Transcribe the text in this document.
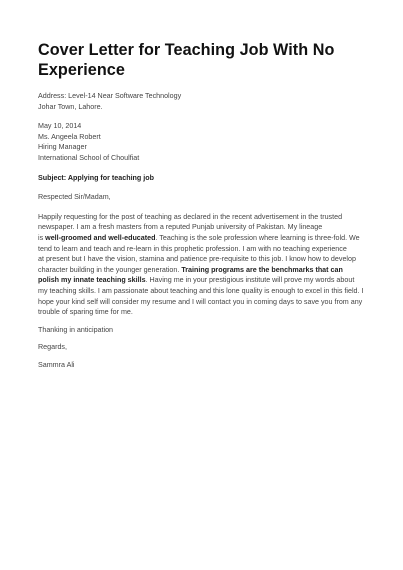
Cover Letter for Teaching Job With No
Experience
Address: Level-14 Near Software Technology
Johar Town, Lahore.
May 10, 2014
Ms. Angeela Robert
Hiring Manager
International School of Choulfiat
Subject: Applying for teaching job
Respected Sir/Madam,
Happily requesting for the post of teaching as declared in the recent advertisement in the trusted
newspaper. I am a fresh masters from a reputed Punjab university of Pakistan. My lineage
is well-groomed and well-educated. Teaching is the sole profession where learning is three-fold. We
tend to learn and teach and re-learn in this prophetic profession. I am with no teaching experience
at present but I have the vision, stamina and patience pre-requisite to this job. I know how to develop
character building in the younger generation. Training programs are the benchmarks that can
polish my innate teaching skills. Having me in your prestigious institute will prove my words about
my teaching skills. I am passionate about teaching and this lone quality is enough to excel in this field. I
hope your kind self will consider my resume and I will contact you in coming days to save you from any
trouble of sparing time for me.
Thanking in anticipation
Regards,
Sammra Ali
